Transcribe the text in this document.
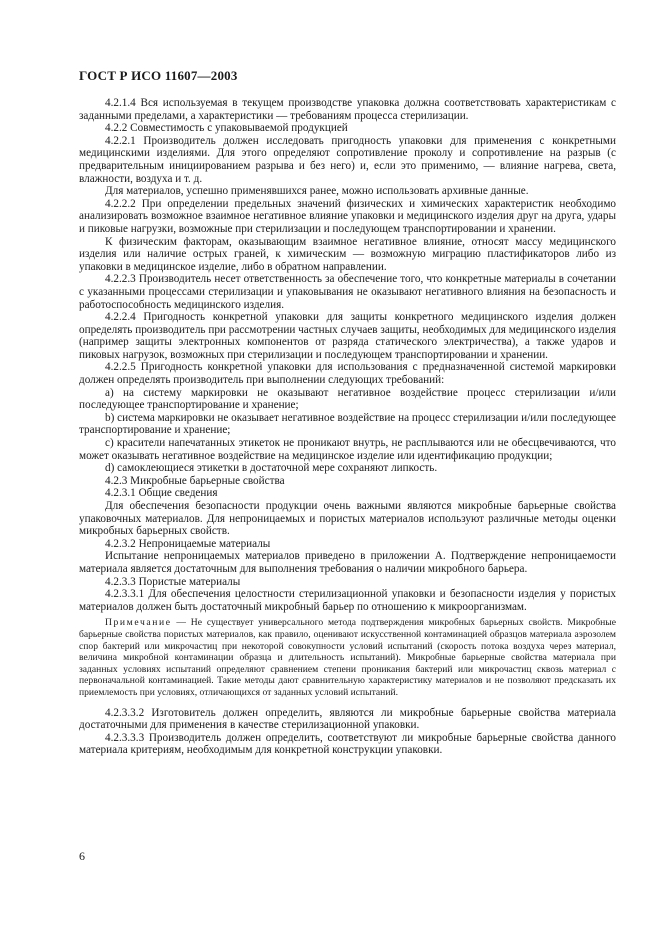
ГОСТ Р ИСО 11607—2003

4.2.1.4 Вся используемая в текущем производстве упаковка должна соответствовать характеристикам с заданными пределами, а характеристики — требованиям процесса стерилизации.

4.2.2 Совместимость с упаковываемой продукцией

4.2.2.1 Производитель должен исследовать пригодность упаковки для применения с конкретными медицинскими изделиями. Для этого определяют сопротивление проколу и сопротивление на разрыв (с предварительным инициированием разрыва и без него) и, если это применимо, — влияние нагрева, света, влажности, воздуха и т. д.

Для материалов, успешно применявшихся ранее, можно использовать архивные данные.

4.2.2.2 При определении предельных значений физических и химических характеристик необходимо анализировать возможное взаимное негативное влияние упаковки и медицинского изделия друг на друга, удары и пиковые нагрузки, возможные при стерилизации и последующем транспортировании и хранении.

К физическим факторам, оказывающим взаимное негативное влияние, относят массу медицинского изделия или наличие острых граней, к химическим — возможную миграцию пластификаторов либо из упаковки в медицинское изделие, либо в обратном направлении.

4.2.2.3 Производитель несет ответственность за обеспечение того, что конкретные материалы в сочетании с указанными процессами стерилизации и упаковывания не оказывают негативного влияния на безопасность и работоспособность медицинского изделия.

4.2.2.4 Пригодность конкретной упаковки для защиты конкретного медицинского изделия должен определять производитель при рассмотрении частных случаев защиты, необходимых для медицинского изделия (например защиты электронных компонентов от разряда статического электричества), а также ударов и пиковых нагрузок, возможных при стерилизации и последующем транспортировании и хранении.

4.2.2.5 Пригодность конкретной упаковки для использования с предназначенной системой маркировки должен определять производитель при выполнении следующих требований:

а) на систему маркировки не оказывают негативное воздействие процесс стерилизации и/или последующее транспортирование и хранение;

b) система маркировки не оказывает негативное воздействие на процесс стерилизации и/или последующее транспортирование и хранение;

с) красители напечатанных этикеток не проникают внутрь, не расплываются или не обесцвечиваются, что может оказывать негативное воздействие на медицинское изделие или идентификацию продукции;

d) самоклеющиеся этикетки в достаточной мере сохраняют липкость.

4.2.3 Микробные барьерные свойства

4.2.3.1 Общие сведения

Для обеспечения безопасности продукции очень важными являются микробные барьерные свойства упаковочных материалов. Для непроницаемых и пористых материалов используют различные методы оценки микробных барьерных свойств.

4.2.3.2 Непроницаемые материалы

Испытание непроницаемых материалов приведено в приложении А. Подтверждение непроницаемости материала является достаточным для выполнения требования о наличии микробного барьера.

4.2.3.3 Пористые материалы

4.2.3.3.1 Для обеспечения целостности стерилизационной упаковки и безопасности изделия у пористых материалов должен быть достаточный микробный барьер по отношению к микроорганизмам.

Примечание — Не существует универсального метода подтверждения микробных барьерных свойств. Микробные барьерные свойства пористых материалов, как правило, оценивают искусственной контаминацией образцов материала аэрозолем спор бактерий или микрочастиц при некоторой совокупности условий испытаний (скорость потока воздуха через материал, величина микробной контаминации образца и длительность испытаний). Микробные барьерные свойства материала при заданных условиях испытаний определяют сравнением степени проникания бактерий или микрочастиц сквозь материал с первоначальной контаминацией. Такие методы дают сравнительную характеристику материалов и не позволяют предсказать их приемлемость при условиях, отличающихся от заданных условий испытаний.

4.2.3.3.2 Изготовитель должен определить, являются ли микробные барьерные свойства материала достаточными для применения в качестве стерилизационной упаковки.

4.2.3.3.3 Производитель должен определить, соответствуют ли микробные барьерные свойства данного материала критериям, необходимым для конкретной конструкции упаковки.

6
